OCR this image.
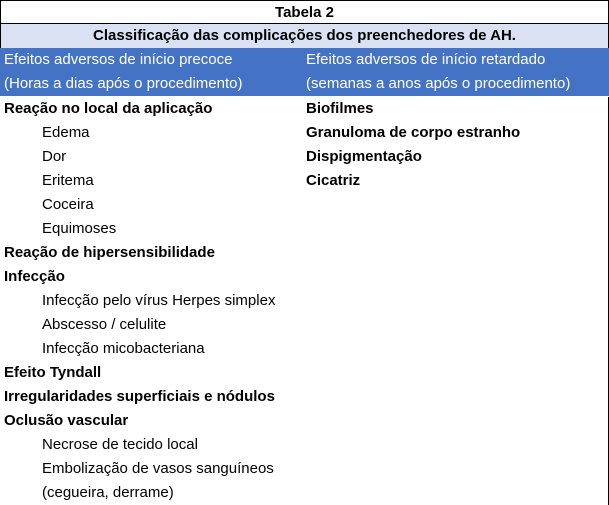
Tabela 2
Classificação das complicações dos preenchedores de AH.
Efeitos adversos de início precoce
(Horas a dias após o procedimento)
Efeitos adversos de início retardado
(semanas a anos após o procedimento)
Reação no local da aplicação
Edema
Dor
Eritema
Coceira
Equimoses
Reação de hipersensibilidade
Infecção
Infecção pelo vírus Herpes simplex
Abscesso / celulite
Infecção micobacteriana
Efeito Tyndall
Irregularidades superficiais e nódulos
Oclusão vascular
Necrose de tecido local
Embolização de vasos sanguíneos
(cegueira, derrame)
Biofilmes
Granuloma de corpo estranho
Dispigmentação
Cicatriz
